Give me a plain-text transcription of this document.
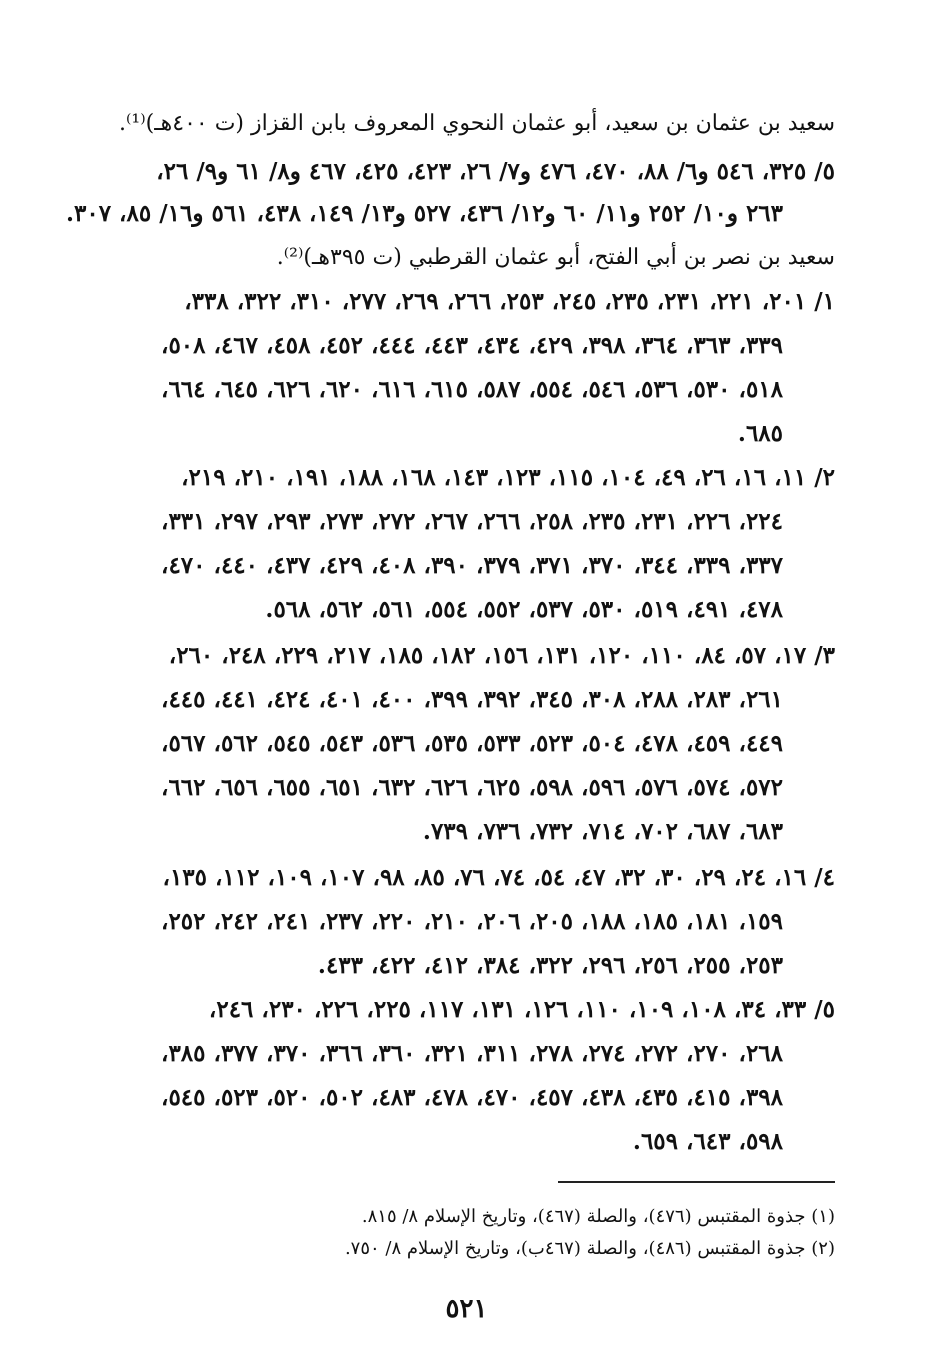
سعيد بن عثمان بن سعيد، أبو عثمان النحوي المعروف بابن القزاز (ت ٤٠٠هـ)⁽¹⁾.
٥/ ٣٢٥، ٥٤٦ و٦/ ٨٨، ٤٧٠، ٤٧٦ و٧/ ٢٦، ٤٢٣، ٤٢٥، ٤٦٧ و٨/ ٦١ و٩/ ٢٦،
٢٦٣ و١٠/ ٢٥٢ و١١/ ٦٠ و١٢/ ٤٣٦، ٥٢٧ و١٣/ ١٤٩، ٤٣٨، ٥٦١ و١٦/ ٨٥، ٣٠٧.
سعيد بن نصر بن أبي الفتح، أبو عثمان القرطبي (ت ٣٩٥هـ)⁽²⁾.
١/ ٢٠١، ٢٢١، ٢٣١، ٢٣٥، ٢٤٥، ٢٥٣، ٢٦٦، ٢٦٩، ٢٧٧، ٣١٠، ٣٢٢، ٣٣٨،
٣٣٩، ٣٦٣، ٣٦٤، ٣٩٨، ٤٢٩، ٤٣٤، ٤٤٣، ٤٤٤، ٤٥٢، ٤٥٨، ٤٦٧، ٥٠٨،
٥١٨، ٥٣٠، ٥٣٦، ٥٤٦، ٥٥٤، ٥٨٧، ٦١٥، ٦١٦، ٦٢٠، ٦٢٦، ٦٤٥، ٦٦٤،
٦٨٥.
٢/ ١١، ١٦، ٢٦، ٤٩، ١٠٤، ١١٥، ١٢٣، ١٤٣، ١٦٨، ١٨٨، ١٩١، ٢١٠، ٢١٩،
٢٢٤، ٢٢٦، ٢٣١، ٢٣٥، ٢٥٨، ٢٦٦، ٢٦٧، ٢٧٢، ٢٧٣، ٢٩٣، ٢٩٧، ٣٣١،
٣٣٧، ٣٣٩، ٣٤٤، ٣٧٠، ٣٧١، ٣٧٩، ٣٩٠، ٤٠٨، ٤٢٩، ٤٣٧، ٤٤٠، ٤٧٠،
٤٧٨، ٤٩١، ٥١٩، ٥٣٠، ٥٣٧، ٥٥٢، ٥٥٤، ٥٦١، ٥٦٢، ٥٦٨.
٣/ ١٧، ٥٧، ٨٤، ١١٠، ١٢٠، ١٣١، ١٥٦، ١٨٢، ١٨٥، ٢١٧، ٢٢٩، ٢٤٨، ٢٦٠،
٢٦١، ٢٨٣، ٢٨٨، ٣٠٨، ٣٤٥، ٣٩٢، ٣٩٩، ٤٠٠، ٤٠١، ٤٢٤، ٤٤١، ٤٤٥،
٤٤٩، ٤٥٩، ٤٧٨، ٥٠٤، ٥٢٣، ٥٣٣، ٥٣٥، ٥٣٦، ٥٤٣، ٥٤٥، ٥٦٢، ٥٦٧،
٥٧٢، ٥٧٤، ٥٧٦، ٥٩٦، ٥٩٨، ٦٢٥، ٦٢٦، ٦٣٢، ٦٥١، ٦٥٥، ٦٥٦، ٦٦٢،
٦٨٣، ٦٨٧، ٧٠٢، ٧١٤، ٧٣٢، ٧٣٦، ٧٣٩.
٤/ ١٦، ٢٤، ٢٩، ٣٠، ٣٢، ٤٧، ٥٤، ٧٤، ٧٦، ٨٥، ٩٨، ١٠٧، ١٠٩، ١١٢، ١٣٥،
١٥٩، ١٨١، ١٨٥، ١٨٨، ٢٠٥، ٢٠٦، ٢١٠، ٢٢٠، ٢٣٧، ٢٤١، ٢٤٢، ٢٥٢،
٢٥٣، ٢٥٥، ٢٥٦، ٢٩٦، ٣٢٢، ٣٨٤، ٤١٢، ٤٢٢، ٤٣٣.
٥/ ٣٣، ٣٤، ١٠٨، ١٠٩، ١١٠، ١٢٦، ١٣١، ١١٧، ٢٢٥، ٢٢٦، ٢٣٠، ٢٤٦،
٢٦٨، ٢٧٠، ٢٧٢، ٢٧٤، ٢٧٨، ٣١١، ٣٢١، ٣٦٠، ٣٦٦، ٣٧٠، ٣٧٧، ٣٨٥،
٣٩٨، ٤١٥، ٤٣٥، ٤٣٨، ٤٥٧، ٤٧٠، ٤٧٨، ٤٨٣، ٥٠٢، ٥٢٠، ٥٢٣، ٥٤٥،
٥٩٨، ٦٤٣، ٦٥٩.
(١) جذوة المقتبس (٤٧٦)، والصلة (٤٦٧)، وتاريخ الإسلام ٨/ ٨١٥.
(٢) جذوة المقتبس (٤٨٦)، والصلة (٤٦٧ب)، وتاريخ الإسلام ٨/ ٧٥٠.
٥٢١
